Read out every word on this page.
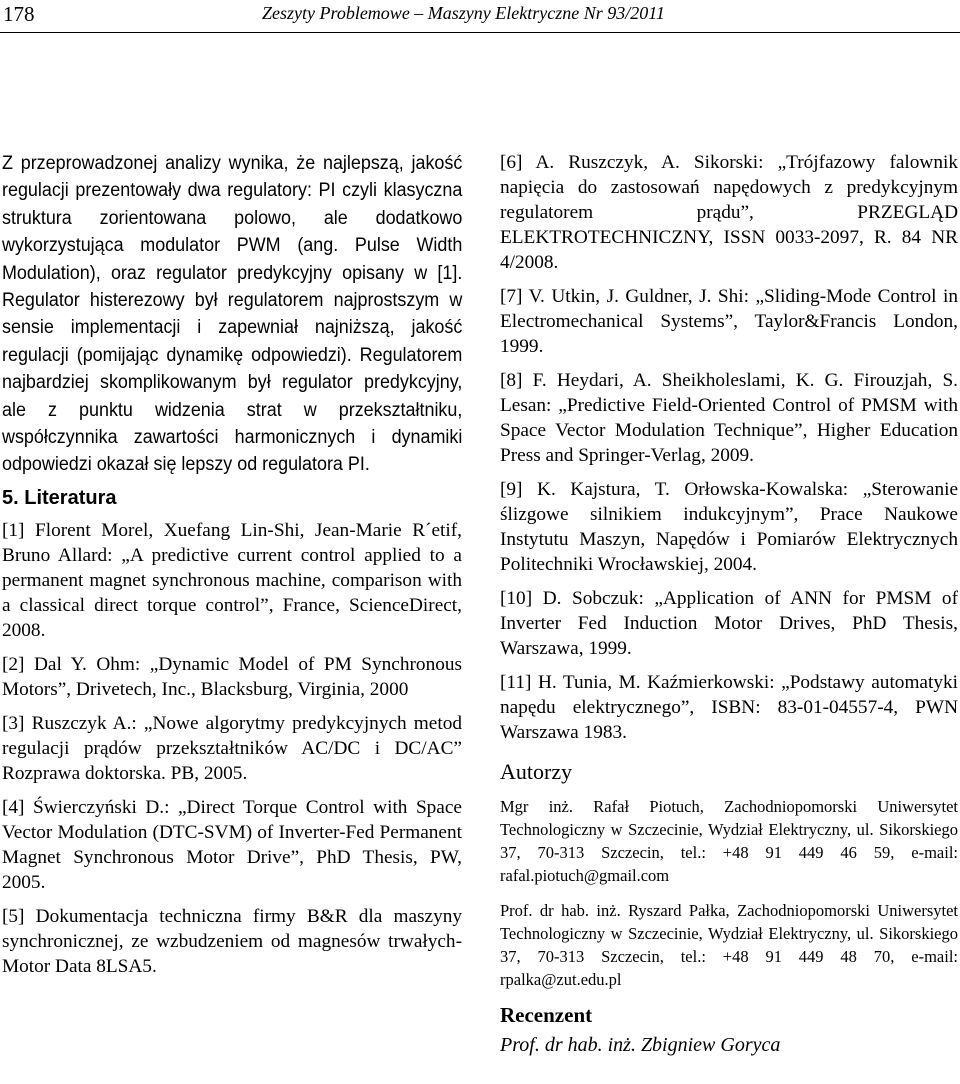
178	Zeszyty Problemowe – Maszyny Elektryczne Nr 93/2011

Z przeprowadzonej analizy wynika, że najlepszą, jakość regulacji prezentowały dwa regulatory: PI czyli klasyczna struktura zorientowana polowo, ale dodatkowo wykorzystująca modulator PWM (ang. Pulse Width Modulation), oraz regulator predykcyjny opisany w [1]. Regulator histerezowy był regulatorem najprostszym w sensie implementacji i zapewniał najniższą, jakość regulacji (pomijając dynamikę odpowiedzi). Regulatorem najbardziej skomplikowanym był regulator predykcyjny, ale z punktu widzenia strat w przekształtniku, współczynnika zawartości harmonicznych i dynamiki odpowiedzi okazał się lepszy od regulatora PI.

5. Literatura

[1] Florent Morel, Xuefang Lin-Shi, Jean-Marie R´etif, Bruno Allard: „A predictive current control applied to a permanent magnet synchronous machine, comparison with a classical direct torque control”, France, ScienceDirect, 2008.

[2] Dal Y. Ohm: „Dynamic Model of PM Synchronous Motors”, Drivetech, Inc., Blacksburg, Virginia, 2000

[3] Ruszczyk A.: „Nowe algorytmy predykcyjnych metod regulacji prądów przekształtników AC/DC i DC/AC” Rozprawa doktorska. PB, 2005.

[4] Świerczyński D.: „Direct Torque Control with Space Vector Modulation (DTC-SVM) of Inverter-Fed Permanent Magnet Synchronous Motor Drive”, PhD Thesis, PW, 2005.

[5] Dokumentacja techniczna firmy B&R dla maszyny synchronicznej, ze wzbudzeniem od magnesów trwałych- Motor Data 8LSA5.

[6] A. Ruszczyk, A. Sikorski: „Trójfazowy falownik napięcia do zastosowań napędowych z predykcyjnym regulatorem prądu”, PRZEGLĄD ELEKTROTECHNICZNY, ISSN 0033-2097, R. 84 NR 4/2008.

[7] V. Utkin, J. Guldner, J. Shi: „Sliding-Mode Control in Electromechanical Systems”, Taylor&Francis London, 1999.

[8] F. Heydari, A. Sheikholeslami, K. G. Firouzjah, S. Lesan: „Predictive Field-Oriented Control of PMSM with Space Vector Modulation Technique”, Higher Education Press and Springer-Verlag, 2009.

[9] K. Kajstura, T. Orłowska-Kowalska: „Sterowanie ślizgowe silnikiem indukcyjnym”, Prace Naukowe Instytutu Maszyn, Napędów i Pomiarów Elektrycznych Politechniki Wrocławskiej, 2004.

[10] D. Sobczuk: „Application of ANN for PMSM of Inverter Fed Induction Motor Drives, PhD Thesis, Warszawa, 1999.

[11] H. Tunia, M. Kaźmierkowski: „Podstawy automatyki napędu elektrycznego”, ISBN: 83-01-04557-4, PWN Warszawa 1983.

Autorzy

Mgr inż. Rafał Piotuch, Zachodniopomorski Uniwersytet Technologiczny w Szczecinie, Wydział Elektryczny, ul. Sikorskiego 37, 70-313 Szczecin, tel.: +48 91 449 46 59, e-mail: rafal.piotuch@gmail.com

Prof. dr hab. inż. Ryszard Pałka, Zachodniopomorski Uniwersytet Technologiczny w Szczecinie, Wydział Elektryczny, ul. Sikorskiego 37, 70-313 Szczecin, tel.: +48 91 449 48 70, e-mail: rpalka@zut.edu.pl

Recenzent
Prof. dr hab. inż. Zbigniew Goryca
